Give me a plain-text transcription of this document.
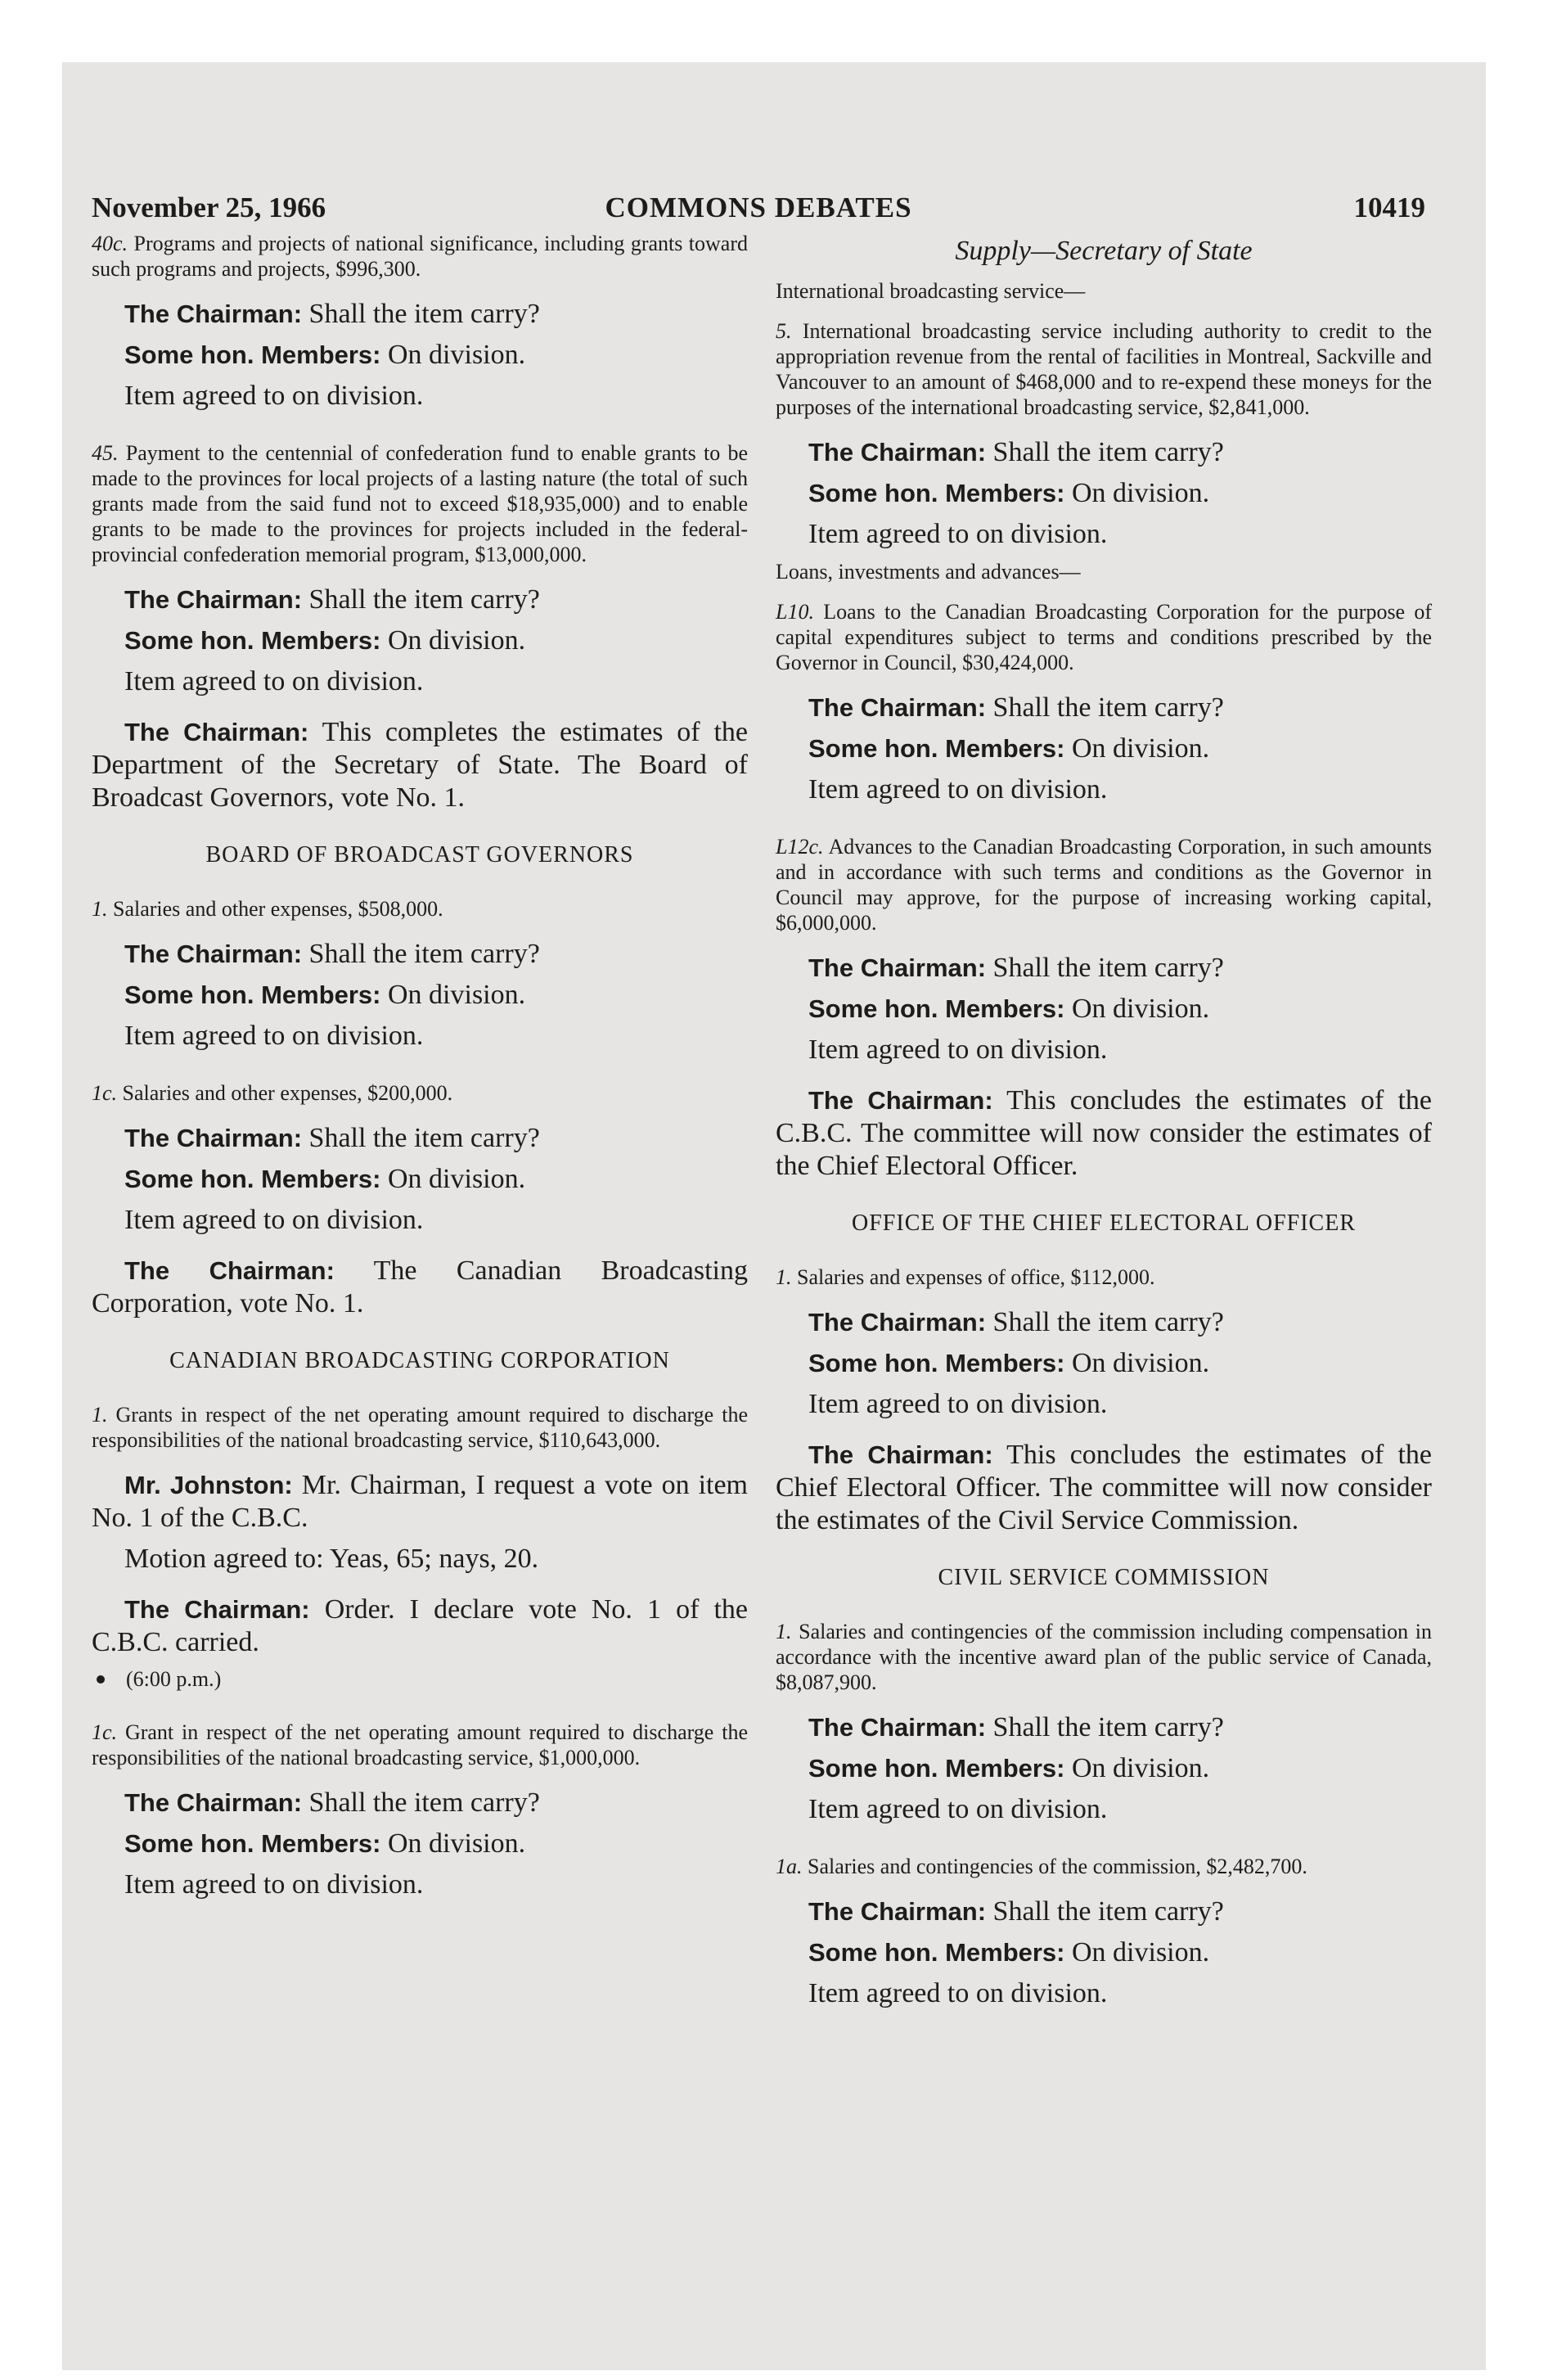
November 25, 1966	COMMONS DEBATES	10419
40c. Programs and projects of national significance, including grants toward such programs and projects, $996,300.
The Chairman: Shall the item carry?
Some hon. Members: On division.
Item agreed to on division.
45. Payment to the centennial of confederation fund to enable grants to be made to the provinces for local projects of a lasting nature (the total of such grants made from the said fund not to exceed $18,935,000) and to enable grants to be made to the provinces for projects included in the federal-provincial confederation memorial program, $13,000,000.
The Chairman: Shall the item carry?
Some hon. Members: On division.
Item agreed to on division.
The Chairman: This completes the estimates of the Department of the Secretary of State. The Board of Broadcast Governors, vote No. 1.
BOARD OF BROADCAST GOVERNORS
1. Salaries and other expenses, $508,000.
The Chairman: Shall the item carry?
Some hon. Members: On division.
Item agreed to on division.
1c. Salaries and other expenses, $200,000.
The Chairman: Shall the item carry?
Some hon. Members: On division.
Item agreed to on division.
The Chairman: The Canadian Broadcasting Corporation, vote No. 1.
CANADIAN BROADCASTING CORPORATION
1. Grants in respect of the net operating amount required to discharge the responsibilities of the national broadcasting service, $110,643,000.
Mr. Johnston: Mr. Chairman, I request a vote on item No. 1 of the C.B.C.
Motion agreed to: Yeas, 65; nays, 20.
The Chairman: Order. I declare vote No. 1 of the C.B.C. carried.
(6:00 p.m.)
1c. Grant in respect of the net operating amount required to discharge the responsibilities of the national broadcasting service, $1,000,000.
The Chairman: Shall the item carry?
Some hon. Members: On division.
Item agreed to on division.
Supply—Secretary of State
International broadcasting service—
5. International broadcasting service including authority to credit to the appropriation revenue from the rental of facilities in Montreal, Sackville and Vancouver to an amount of $468,000 and to re-expend these moneys for the purposes of the international broadcasting service, $2,841,000.
The Chairman: Shall the item carry?
Some hon. Members: On division.
Item agreed to on division.
Loans, investments and advances—
L10. Loans to the Canadian Broadcasting Corporation for the purpose of capital expenditures subject to terms and conditions prescribed by the Governor in Council, $30,424,000.
The Chairman: Shall the item carry?
Some hon. Members: On division.
Item agreed to on division.
L12c. Advances to the Canadian Broadcasting Corporation, in such amounts and in accordance with such terms and conditions as the Governor in Council may approve, for the purpose of increasing working capital, $6,000,000.
The Chairman: Shall the item carry?
Some hon. Members: On division.
Item agreed to on division.
The Chairman: This concludes the estimates of the C.B.C. The committee will now consider the estimates of the Chief Electoral Officer.
OFFICE OF THE CHIEF ELECTORAL OFFICER
1. Salaries and expenses of office, $112,000.
The Chairman: Shall the item carry?
Some hon. Members: On division.
Item agreed to on division.
The Chairman: This concludes the estimates of the Chief Electoral Officer. The committee will now consider the estimates of the Civil Service Commission.
CIVIL SERVICE COMMISSION
1. Salaries and contingencies of the commission including compensation in accordance with the incentive award plan of the public service of Canada, $8,087,900.
The Chairman: Shall the item carry?
Some hon. Members: On division.
Item agreed to on division.
1a. Salaries and contingencies of the commission, $2,482,700.
The Chairman: Shall the item carry?
Some hon. Members: On division.
Item agreed to on division.
